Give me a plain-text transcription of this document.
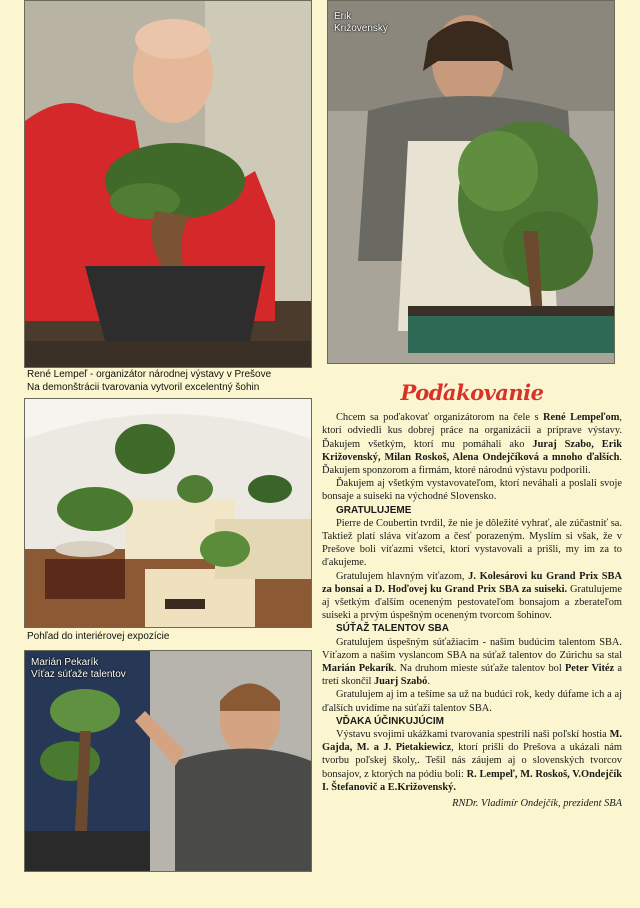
Erik
Križovenský
René Lempeľ - organizátor národnej výstavy v Prešove
Na demonštrácii tvarovania vytvoril excelentný šohin
Pohľad do interiérovej expozície
Marián Pekarík
Víťaz súťaže talentov
Poďakovanie

Chcem sa poďakovať organizátorom na čele s René Lempeľom, ktorí odviedli kus dobrej práce na organizácii a príprave výstavy. Ďakujem všetkým, ktorí mu pomáhali ako Juraj Szabo, Erik Križovenský, Milan Roskoš, Alena Ondejčíková a mnoho ďalších. Ďakujem sponzorom a firmám, ktoré národnú výstavu podporili.

Ďakujem aj všetkým vystavovateľom, ktorí neváhali a poslali svoje bonsaje a suiseki na východné Slovensko.

GRATULUJEME

Pierre de Coubertin tvrdil, že nie je dôležité vyhrať, ale zúčastniť sa. Taktiež platí sláva víťazom a česť porazeným. Myslím si však, že v Prešove boli víťazmi všetci, ktorí vystavovali a prišli, my im za to ďakujeme.

Gratulujem hlavným víťazom, J. Kolesárovi ku Grand Prix SBA za bonsai a D. Hoďovej ku Grand Prix SBA za suiseki. Gratulujeme aj všetkým ďalším oceneným pestovateľom bonsajom a zberateľom suiseki a prvým úspešným oceneným tvorcom šohinov.

SÚŤAŽ TALENTOV SBA

Gratulujem úspešným súťažiacim - našim budúcim talentom SBA. Víťazom a našim vyslancom SBA na súťaž talentov do Zúrichu sa stal Marián Pekarík. Na druhom mieste súťaže talentov bol Peter Vitéz a tretí skončil Juarj Szabó.

Gratulujem aj im a tešíme sa už na budúci rok, kedy dúfame ich a aj ďalších uvidíme na súťaži talentov SBA.

VĎAKA ÚČINKUJÚCIM

Výstavu svojimi ukážkami tvarovania spestrili naši poľskí hostia M. Gajda, M. a J. Pietakiewicz, ktorí prišli do Prešova a ukázali nám tvorbu poľskej školy,. Tešil nás záujem aj o slovenských tvorcov bonsajov, z ktorých na pódiu boli: R. Lempeľ, M. Roskoš, V.Ondejčík I. Štefanovič a E.Križovenský.

RNDr. Vladimír Ondejčík, prezident SBA
